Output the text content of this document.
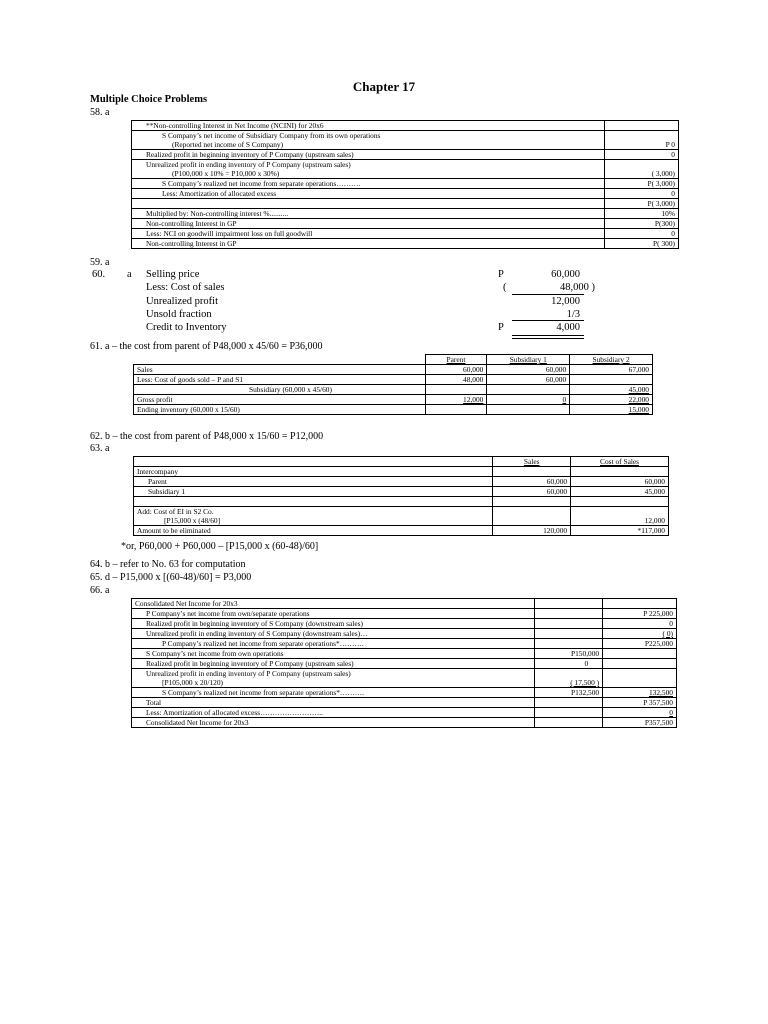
Chapter 17
Multiple Choice Problems
58. a
**Non-controlling Interest in Net Income (NCINI) for 20x6	
S Company’s net income of Subsidiary Company from its own operations	
(Reported net income of S Company)	P 0
Realized profit in beginning inventory of P Company (upstream sales)	0
Unrealized profit in ending inventory of P Company (upstream sales)	
(P100,000 x 10% = P10,000 x 30%)	( 3,000)
S Company’s realized net income from separate operations……….	P( 3,000)
Less: Amortization of allocated excess	0
	P( 3,000)
Multiplied by: Non-controlling interest %..........	10%
Non-controlling Interest in GP	P(300)
Less: NCI on goodwill impairment loss on full goodwill	0
Non-controlling Interest in GP	P( 300)
59. a
60. a Selling price	P	60,000
Less: Cost of sales	(	48,000 )
Unrealized profit	12,000
Unsold fraction	1/3
Credit to Inventory	P	4,000
61. a – the cost from parent of P48,000 x 45/60 = P36,000
	Parent	Subsidiary 1	Subsidiary 2
Sales	60,000	60,000	67,000
Less: Cost of goods sold – P and S1	48,000	60,000	
Subsidiary (60,000 x 45/60)			45,000
Gross profit	12,000	0	22,000
Ending inventory (60,000 x 15/60)			15,000
62. b – the cost from parent of P48,000 x 15/60 = P12,000
63. a
	Sales	Cost of Sales
Intercompany		
Parent	60,000	60,000
Subsidiary 1	60,000	45,000

Add: Cost of EI in S2 Co.		
[P15,000 x (48/60]		12,000
Amount to be eliminated	120,000	*117,000
*or, P60,000 + P60,000 – [P15,000 x (60-48)/60]
64. b – refer to No. 63 for computation
65. d – P15,000 x [(60-48)/60] = P3,000
66. a
Consolidated Net Income for 20x3		
P Company’s net income from own/separate operations		P 225,000
Realized profit in beginning inventory of S Company (downstream sales)		0
Unrealized profit in ending inventory of S Company (downstream sales)…		( 0)
P Company’s realized net income from separate operations*……….		P225,000
S Company’s net income from own operations	P150,000	
Realized profit in beginning inventory of P Company (upstream sales)	0	
Unrealized profit in ending inventory of P Company (upstream sales)		
[P105,000 x 20/120)	( 17,500 )	
S Company’s realized net income from separate operations*……….	P132,500	132,500
Total		P 357,500
Less: Amortization of allocated excess……………………..		0
Consolidated Net Income for 20x3		P357,500
